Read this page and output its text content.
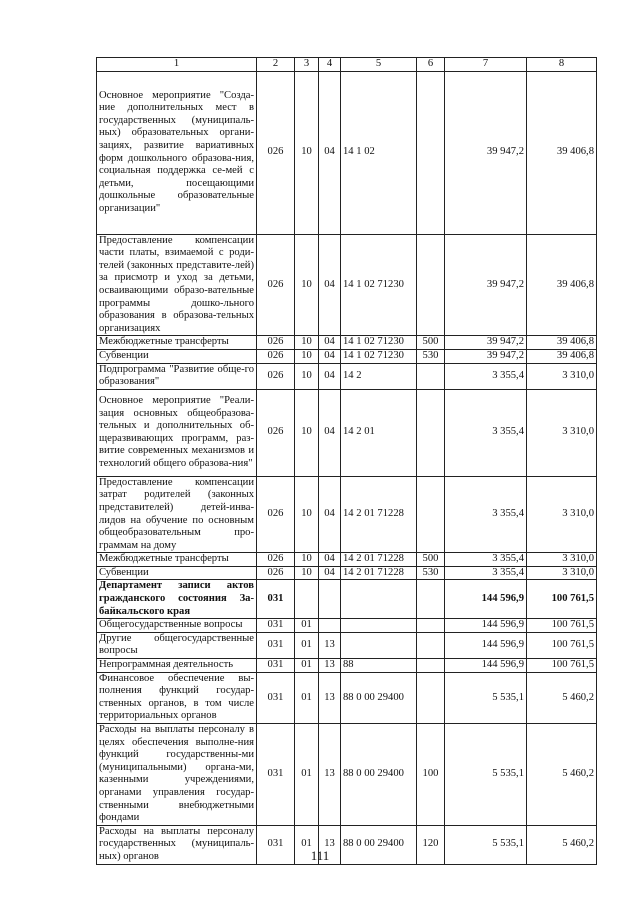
1	2	3	4	5	6	7	8
Основное мероприятие "Созда-ние дополнительных мест в государственных (муниципаль-ных) образовательных органи-зациях, развитие вариативных форм дошкольного образова-ния, социальная поддержка се-мей с детьми, посещающими дошкольные образовательные организации"	026	10	04	14 1 02		39 947,2	39 406,8
Предоставление компенсации части платы, взимаемой с роди-телей (законных представите-лей) за присмотр и уход за детьми, осваивающими образо-вательные программы дошко-льного образования в образова-тельных организациях	026	10	04	14 1 02 71230		39 947,2	39 406,8
Межбюджетные трансферты	026	10	04	14 1 02 71230	500	39 947,2	39 406,8
Субвенции	026	10	04	14 1 02 71230	530	39 947,2	39 406,8
Подпрограмма "Развитие обще-го образования"	026	10	04	14 2		3 355,4	3 310,0
Основное мероприятие "Реали-зация основных общеобразова-тельных и дополнительных об-щеразвивающих программ, раз-витие современных механизмов и технологий общего образова-ния"	026	10	04	14 2 01		3 355,4	3 310,0
Предоставление компенсации затрат родителей (законных представителей) детей-инва-лидов на обучение по основным общеобразовательным про-граммам на дому	026	10	04	14 2 01 71228		3 355,4	3 310,0
Межбюджетные трансферты	026	10	04	14 2 01 71228	500	3 355,4	3 310,0
Субвенции	026	10	04	14 2 01 71228	530	3 355,4	3 310,0
Департамент записи актов гражданского состояния За-байкальского края	031					144 596,9	100 761,5
Общегосударственные вопросы	031	01				144 596,9	100 761,5
Другие общегосударственные вопросы	031	01	13			144 596,9	100 761,5
Непрограммная деятельность	031	01	13	88		144 596,9	100 761,5
Финансовое обеспечение вы-полнения функций государ-ственных органов, в том числе территориальных органов	031	01	13	88 0 00 29400		5 535,1	5 460,2
Расходы на выплаты персоналу в целях обеспечения выполне-ния функций государственны-ми (муниципальными) органа-ми, казенными учреждениями, органами управления государ-ственными внебюджетными фондами	031	01	13	88 0 00 29400	100	5 535,1	5 460,2
Расходы на выплаты персоналу государственных (муниципаль-ных) органов	031	01	13	88 0 00 29400	120	5 535,1	5 460,2
111
